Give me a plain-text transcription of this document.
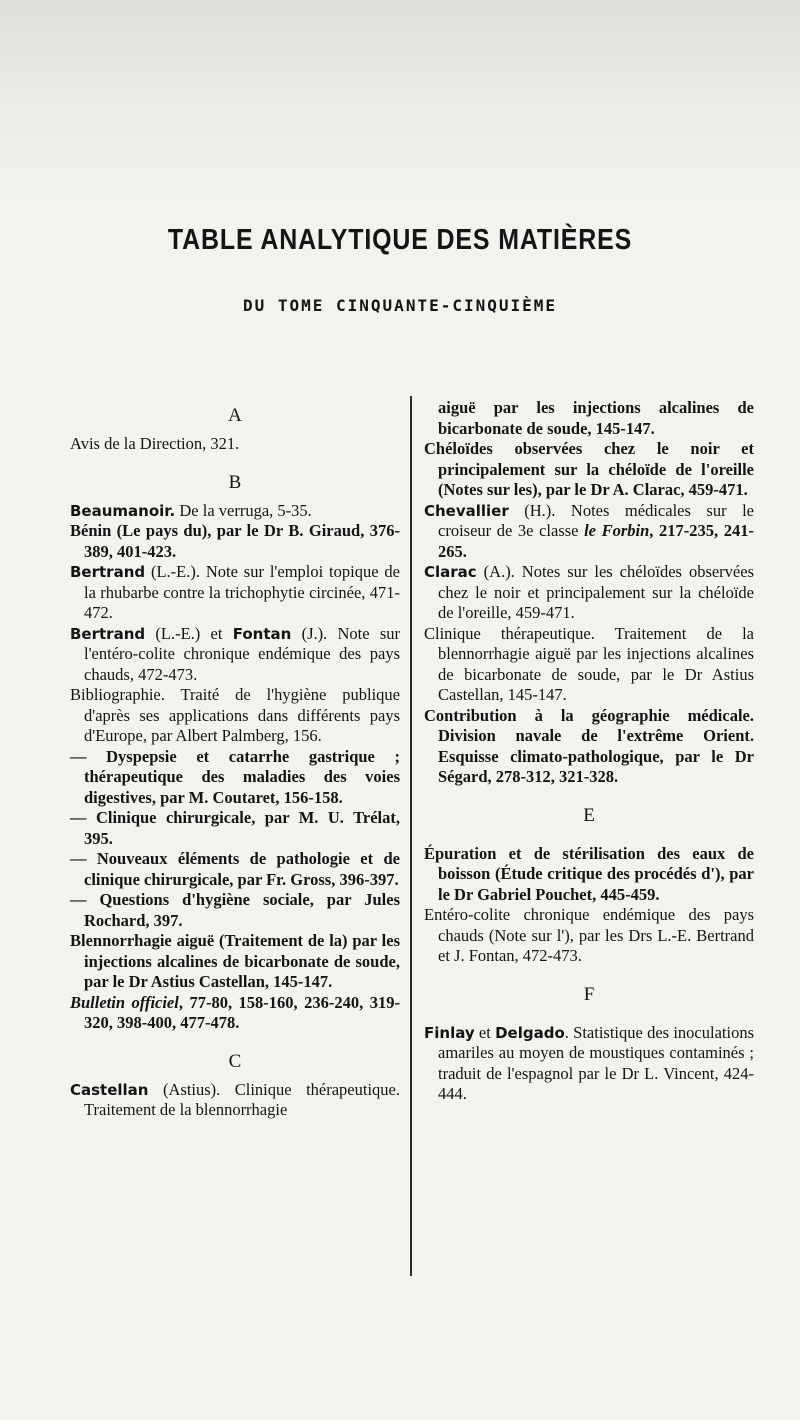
TABLE ANALYTIQUE DES MATIÈRES
DU TOME CINQUANTE-CINQUIÈME

A

Avis de la Direction, 321.

B

Beaumanoir. De la verruga, 5-35.

Bénin (Le pays du), par le Dr B. Giraud, 376-389, 401-423.

Bertrand (L.-E.). Note sur l'emploi topique de la rhubarbe contre la trichophytie circinée, 471-472.

Bertrand (L.-E.) et Fontan (J.). Note sur l'entéro-colite chronique endémique des pays chauds, 472-473.

Bibliographie. Traité de l'hygiène publique d'après ses applications dans différents pays d'Europe, par Albert Palmberg, 156.

— Dyspepsie et catarrhe gastrique ; thérapeutique des maladies des voies digestives, par M. Coutaret, 156-158.

— Clinique chirurgicale, par M. U. Trélat, 395.

— Nouveaux éléments de pathologie et de clinique chirurgicale, par Fr. Gross, 396-397.

— Questions d'hygiène sociale, par Jules Rochard, 397.

Blennorrhagie aiguë (Traitement de la) par les injections alcalines de bicarbonate de soude, par le Dr Astius Castellan, 145-147.

Bulletin officiel, 77-80, 158-160, 236-240, 319-320, 398-400, 477-478.

C

Castellan (Astius). Clinique thérapeutique. Traitement de la blennorrhagie

aiguë par les injections alcalines de bicarbonate de soude, 145-147.

Chéloïdes observées chez le noir et principalement sur la chéloïde de l'oreille (Notes sur les), par le Dr A. Clarac, 459-471.

Chevallier (H.). Notes médicales sur le croiseur de 3e classe le Forbin, 217-235, 241-265.

Clarac (A.). Notes sur les chéloïdes observées chez le noir et principalement sur la chéloïde de l'oreille, 459-471.

Clinique thérapeutique. Traitement de la blennorrhagie aiguë par les injections alcalines de bicarbonate de soude, par le Dr Astius Castellan, 145-147.

Contribution à la géographie médicale. Division navale de l'extrême Orient. Esquisse climato-pathologique, par le Dr Ségard, 278-312, 321-328.

E

Épuration et de stérilisation des eaux de boisson (Étude critique des procédés d'), par le Dr Gabriel Pouchet, 445-459.

Entéro-colite chronique endémique des pays chauds (Note sur l'), par les Drs L.-E. Bertrand et J. Fontan, 472-473.

F

Finlay et Delgado. Statistique des inoculations amariles au moyen de moustiques contaminés ; traduit de l'espagnol par le Dr L. Vincent, 424-444.
